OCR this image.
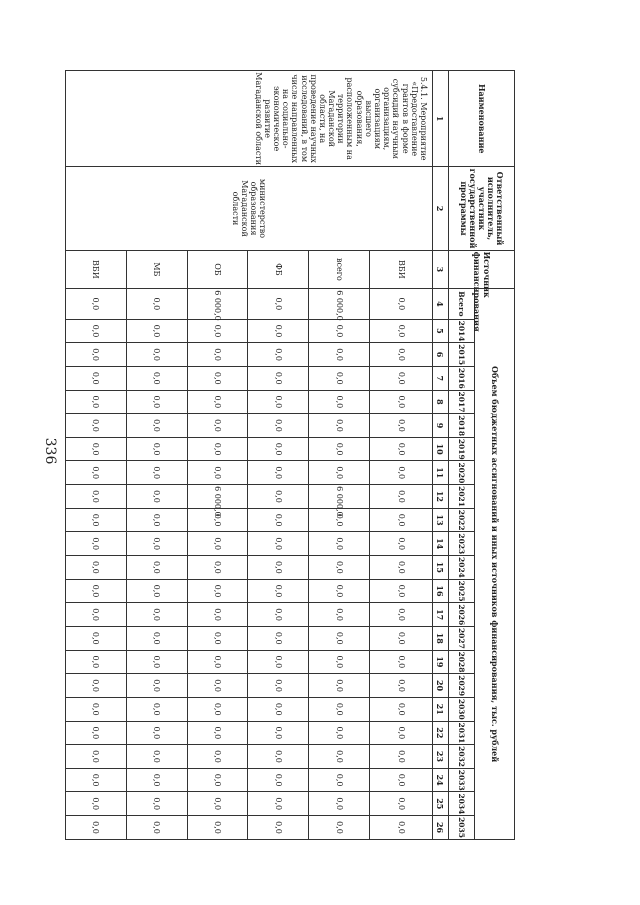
336
Наименование	Ответственный исполнитель, участник государственной программы	Источник финансирования	Объем бюджетных ассигнований и иных источников финансирования, тыс. рублей																						
			Всего	2014	2015	2016	2017	2018	2019	2020	2021	2022	2023	2024	2025	2026	2027	2028	2029	2030	2031	2032	2033	2034	2035
1	2	3	4	5	6	7	8	9	10	11	12	13	14	15	16	17	18	19	20	21	22	23	24	25	26
5.4.1. Мероприятие «Предоставление грантов в форме субсидий научным организациям, организациям высшего образования, расположенным на территории Магаданской области, на проведение научных исследований, в том числе направленных на социально-экономическое развитие Магаданской области	министерство образования Магаданской области	ВБИ	0,0	0,0	0,0	0,0	0,0	0,0	0,0	0,0	0,0	0,0	0,0	0,0	0,0	0,0	0,0	0,0	0,0	0,0	0,0	0,0	0,0	0,0	0,0
		всего	6 000,0	0,0	0,0	0,0	0,0	0,0	0,0	0,0	6 000,0	0,0	0,0	0,0	0,0	0,0	0,0	0,0	0,0	0,0	0,0	0,0	0,0	0,0	0,0
		ФБ	0,0	0,0	0,0	0,0	0,0	0,0	0,0	0,0	0,0	0,0	0,0	0,0	0,0	0,0	0,0	0,0	0,0	0,0	0,0	0,0	0,0	0,0	0,0
		ОБ	6 000,0	0,0	0,0	0,0	0,0	0,0	0,0	0,0	6 000,0	0,0	0,0	0,0	0,0	0,0	0,0	0,0	0,0	0,0	0,0	0,0	0,0	0,0	0,0
		МБ	0,0	0,0	0,0	0,0	0,0	0,0	0,0	0,0	0,0	0,0	0,0	0,0	0,0	0,0	0,0	0,0	0,0	0,0	0,0	0,0	0,0	0,0	0,0
		ВБИ	0,0	0,0	0,0	0,0	0,0	0,0	0,0	0,0	0,0	0,0	0,0	0,0	0,0	0,0	0,0	0,0	0,0	0,0	0,0	0,0	0,0	0,0	0,0
